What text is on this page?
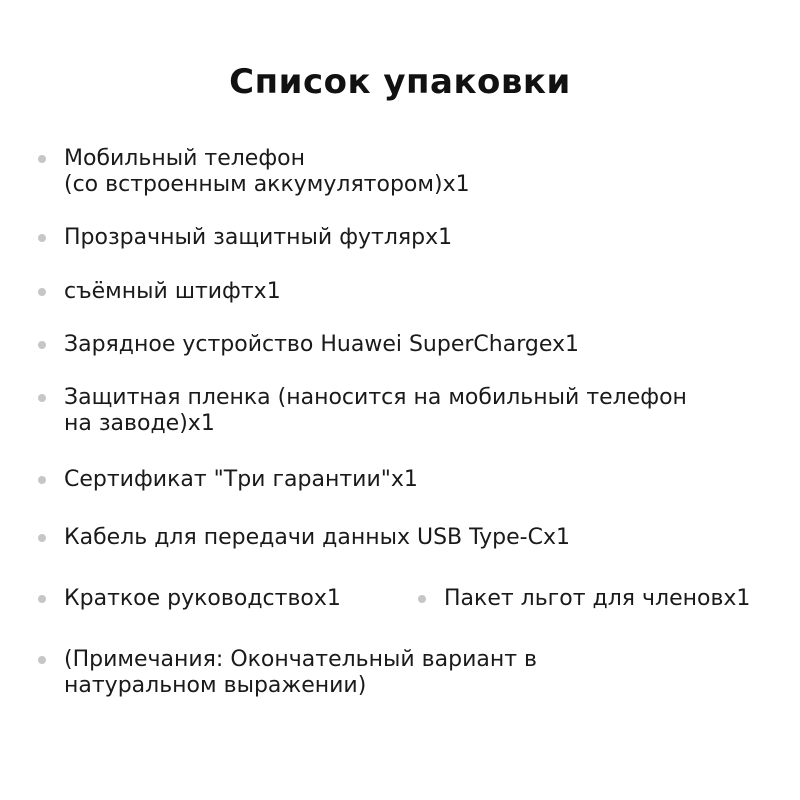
Список упаковки
Мобильный телефон
(со встроенным аккумулятором)x1
Прозрачный защитный футлярx1
съёмный штифтx1
Зарядное устройство Huawei SuperChargex1
Защитная пленка (наносится на мобильный телефон
на заводе)x1
Сертификат "Три гарантии"x1
Кабель для передачи данных USB Type-Cx1
Краткое руководствоx1	Пакет льгот для членовx1
(Примечания: Окончательный вариант в
натуральном выражении)
